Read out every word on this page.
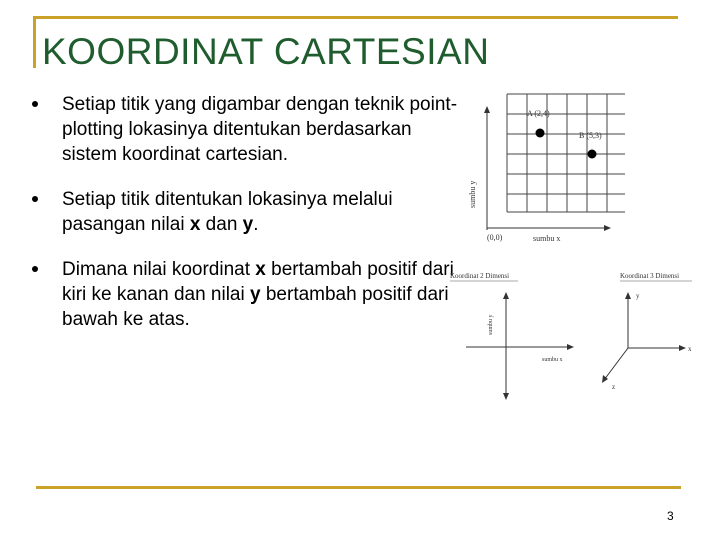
KOORDINAT CARTESIAN
Setiap titik yang digambar dengan teknik point-plotting lokasinya ditentukan berdasarkan sistem koordinat cartesian.
Setiap titik ditentukan lokasinya melalui pasangan nilai x dan y.
Dimana nilai koordinat x bertambah positif dari kiri ke kanan dan nilai y bertambah positif dari bawah ke atas.
A (2,4)
B (5,3)
(0,0)	sumbu x
sumbu y
Koordinat 2 Dimensi
sumbu y
sumbu x
Koordinat 3 Dimensi
y
x
z
3
